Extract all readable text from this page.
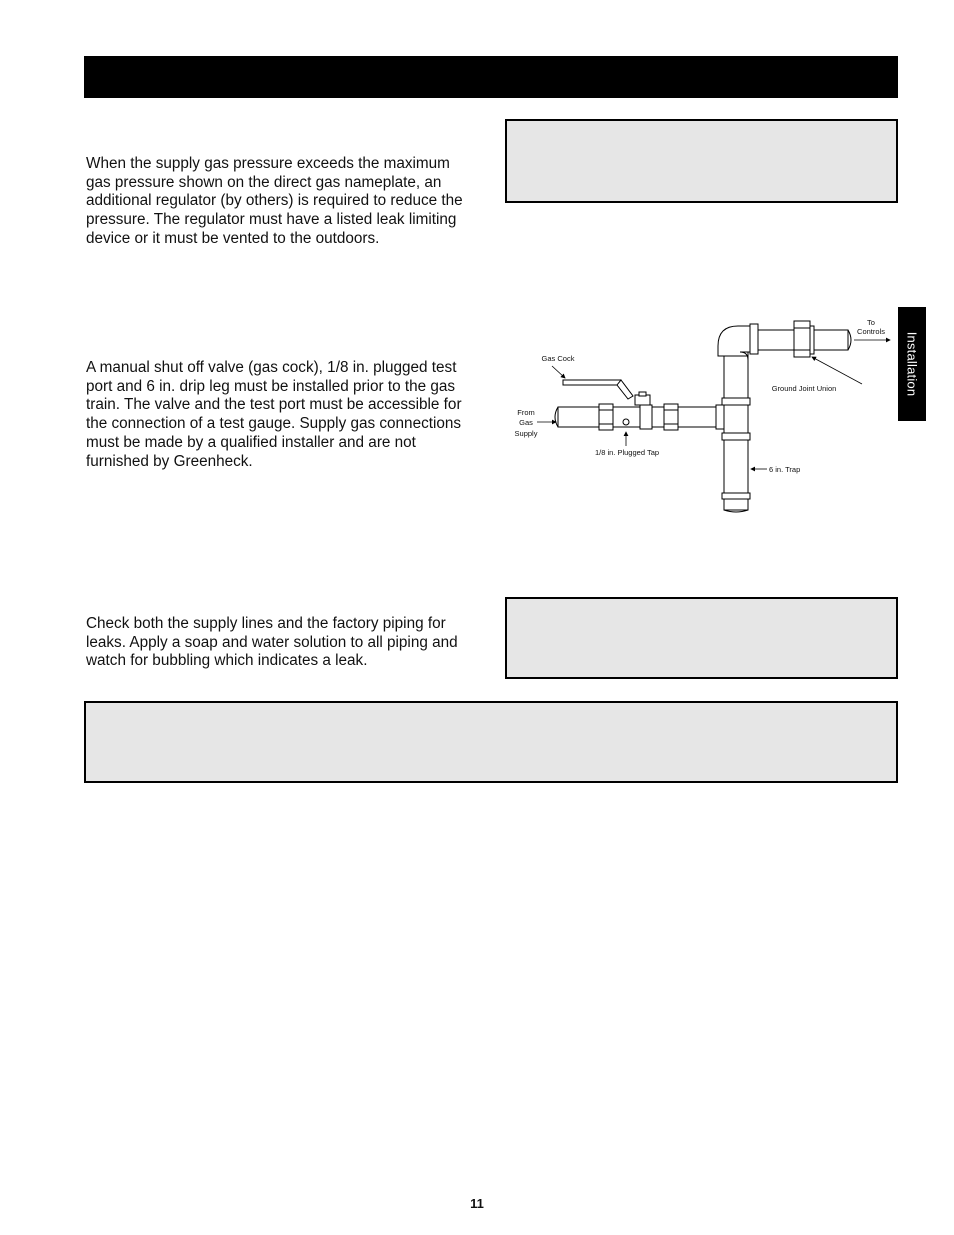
When the supply gas pressure exceeds the maximum gas pressure shown on the direct gas nameplate, an additional regulator (by others) is required to reduce the pressure. The regulator must have a listed leak limiting device or it must be vented to the outdoors.

A manual shut off valve (gas cock), 1/8 in. plugged test port and 6 in. drip leg must be installed prior to the gas train. The valve and the test port must be accessible for the connection of a test gauge. Supply gas connections must be made by a qualified installer and are not furnished by Greenheck.

Check both the supply lines and the factory piping for leaks. Apply a soap and water solution to all piping and watch for bubbling which indicates a leak.

Installation
To
Controls
Gas Cock
Ground Joint Union
From
Gas
Supply
1/8 in. Plugged Tap
6 in. Trap
11
